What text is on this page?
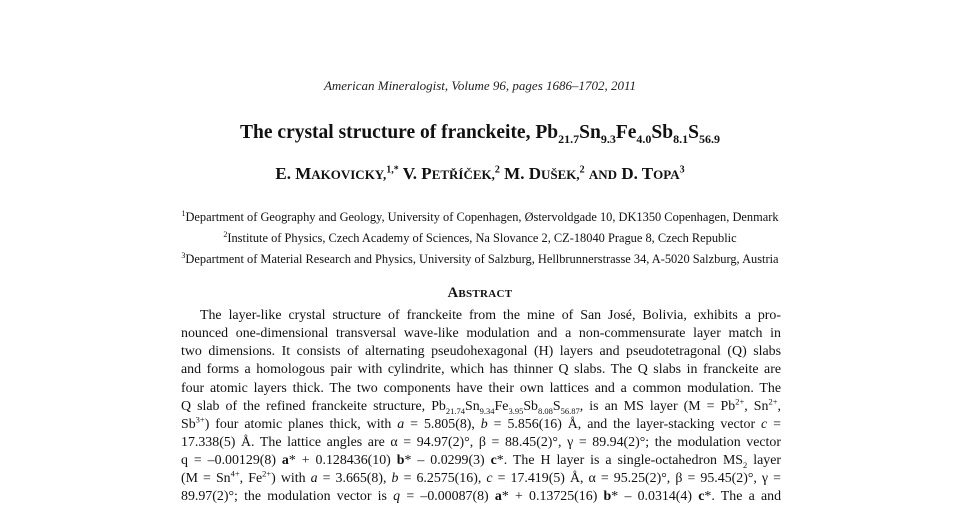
American Mineralogist, Volume 96, pages 1686–1702, 2011
The crystal structure of franckeite, $Pb_{21.7}Sn_{9.3}Fe_{4.0}Sb_{8.1}S_{56.9}$
E. MAKOVICKY,$^{1,*}$ V. PETŘÍČEK,$^2$ M. DUŠEK,$^2$ AND D. TOPA$^3$
$^1$Department of Geography and Geology, University of Copenhagen, Østervoldgade 10, DK1350 Copenhagen, Denmark
$^2$Institute of Physics, Czech Academy of Sciences, Na Slovance 2, CZ-18040 Prague 8, Czech Republic
$^3$Department of Material Research and Physics, University of Salzburg, Hellbrunnerstrasse 34, A-5020 Salzburg, Austria
ABSTRACT
The layer-like crystal structure of franckeite from the mine of San José, Bolivia, exhibits a pro-
nounced one-dimensional transversal wave-like modulation and a non-commensurate layer match in
two dimensions. It consists of alternating pseudohexagonal (H) layers and pseudotetragonal (Q) slabs
and forms a homologous pair with cylindrite, which has thinner Q slabs. The Q slabs in franckeite are
four atomic layers thick. The two components have their own lattices and a common modulation. The
Q slab of the refined franckeite structure, $Pb_{21.74}Sn_{9.34}Fe_{3.95}Sb_{8.08}S_{56.87}$, is an MS layer ($M = Pb^{2+}$, $Sn^{2+}$,
$Sb^{3+}$) four atomic planes thick, with a = 5.805(8), b = 5.856(16) Å, and the layer-stacking vector c =
17.338(5) Å. The lattice angles are α = 94.97(2)°, β = 88.45(2)°, γ = 89.94(2)°; the modulation vector
q = –0.00129(8) a* + 0.128436(10) b* – 0.0299(3) c*. The H layer is a single-octahedron $MS_2$ layer
($M = Sn^{4+}$, $Fe^{2+}$) with a = 3.665(8), b = 6.2575(16), c = 17.419(5) Å, α = 95.25(2)°, β = 95.45(2)°, γ =
89.97(2)°; the modulation vector is q = –0.00087(8) a* + 0.13725(16) b* – 0.0314(4) c*. The a and
